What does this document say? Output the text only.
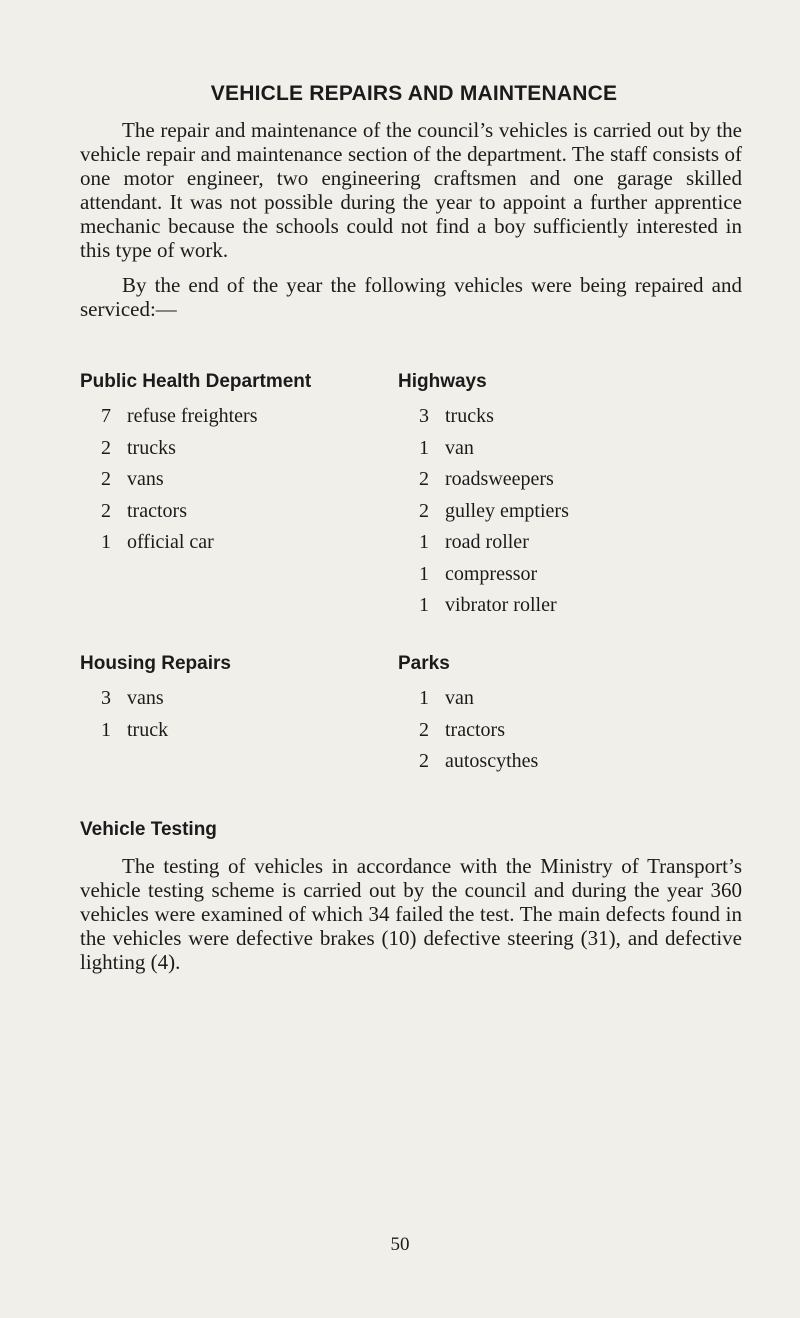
VEHICLE REPAIRS AND MAINTENANCE

The repair and maintenance of the council’s vehicles is carried out by the vehicle repair and maintenance section of the department. The staff consists of one motor engineer, two engineering craftsmen and one garage skilled attendant. It was not possible during the year to appoint a further apprentice mechanic because the schools could not find a boy sufficiently interested in this type of work.

By the end of the year the following vehicles were being repaired and serviced:—

Public Health Department
7 refuse freighters
2 trucks
2 vans
2 tractors
1 official car
Highways
3 trucks
1 van
2 roadsweepers
2 gulley emptiers
1 road roller
1 compressor
1 vibrator roller
Housing Repairs
3 vans
1 truck
Parks
1 van
2 tractors
2 autoscythes
Vehicle Testing

The testing of vehicles in accordance with the Ministry of Transport’s vehicle testing scheme is carried out by the council and during the year 360 vehicles were examined of which 34 failed the test. The main defects found in the vehicles were defective brakes (10) defective steering (31), and defective lighting (4).

50
